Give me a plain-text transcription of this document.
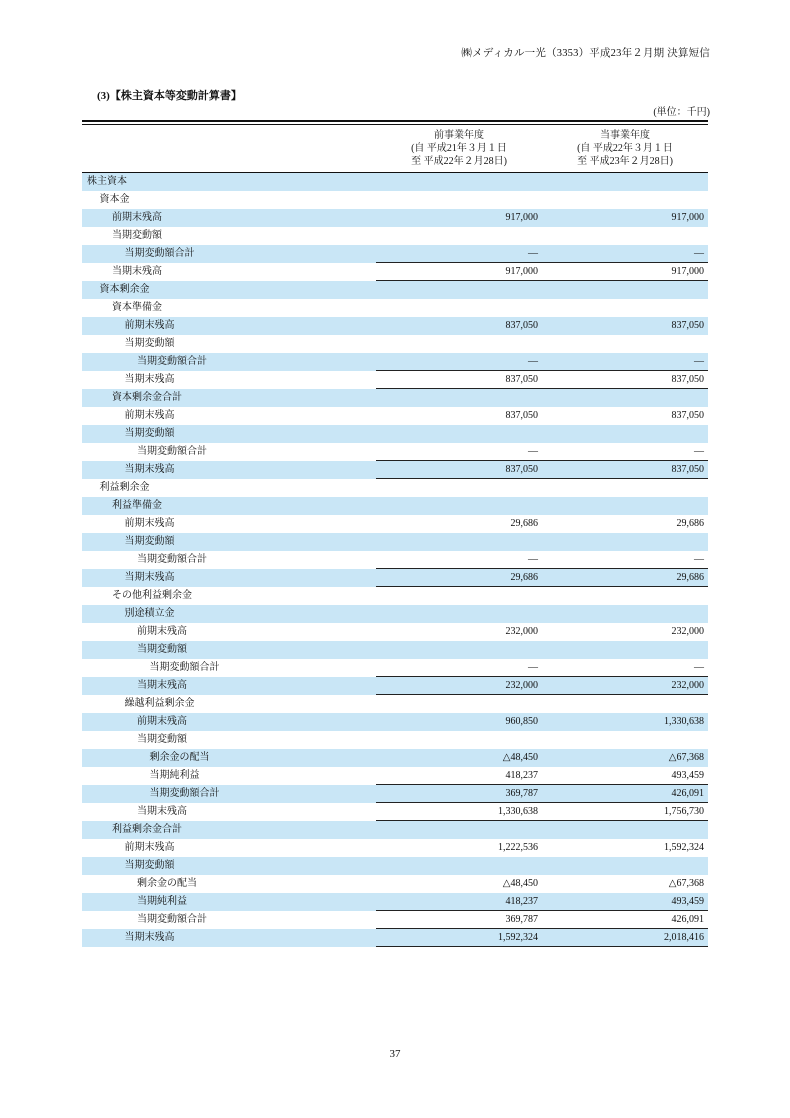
㈱メディカル一光（3353）平成23年２月期 決算短信
(3)【株主資本等変動計算書】
(単位：千円)
前事業年度
(自 平成21年３月１日
至 平成22年２月28日)
当事業年度
(自 平成22年３月１日
至 平成23年２月28日)
株主資本
資本金
前期末残高	917,000	917,000
当期変動額
当期変動額合計	―	―
当期末残高	917,000	917,000
資本剰余金
資本準備金
前期末残高	837,050	837,050
当期変動額
当期変動額合計	―	―
当期末残高	837,050	837,050
資本剰余金合計
前期末残高	837,050	837,050
当期変動額
当期変動額合計	―	―
当期末残高	837,050	837,050
利益剰余金
利益準備金
前期末残高	29,686	29,686
当期変動額
当期変動額合計	―	―
当期末残高	29,686	29,686
その他利益剰余金
別途積立金
前期末残高	232,000	232,000
当期変動額
当期変動額合計	―	―
当期末残高	232,000	232,000
繰越利益剰余金
前期末残高	960,850	1,330,638
当期変動額
剰余金の配当	△48,450	△67,368
当期純利益	418,237	493,459
当期変動額合計	369,787	426,091
当期末残高	1,330,638	1,756,730
利益剰余金合計
前期末残高	1,222,536	1,592,324
当期変動額
剰余金の配当	△48,450	△67,368
当期純利益	418,237	493,459
当期変動額合計	369,787	426,091
当期末残高	1,592,324	2,018,416
37
